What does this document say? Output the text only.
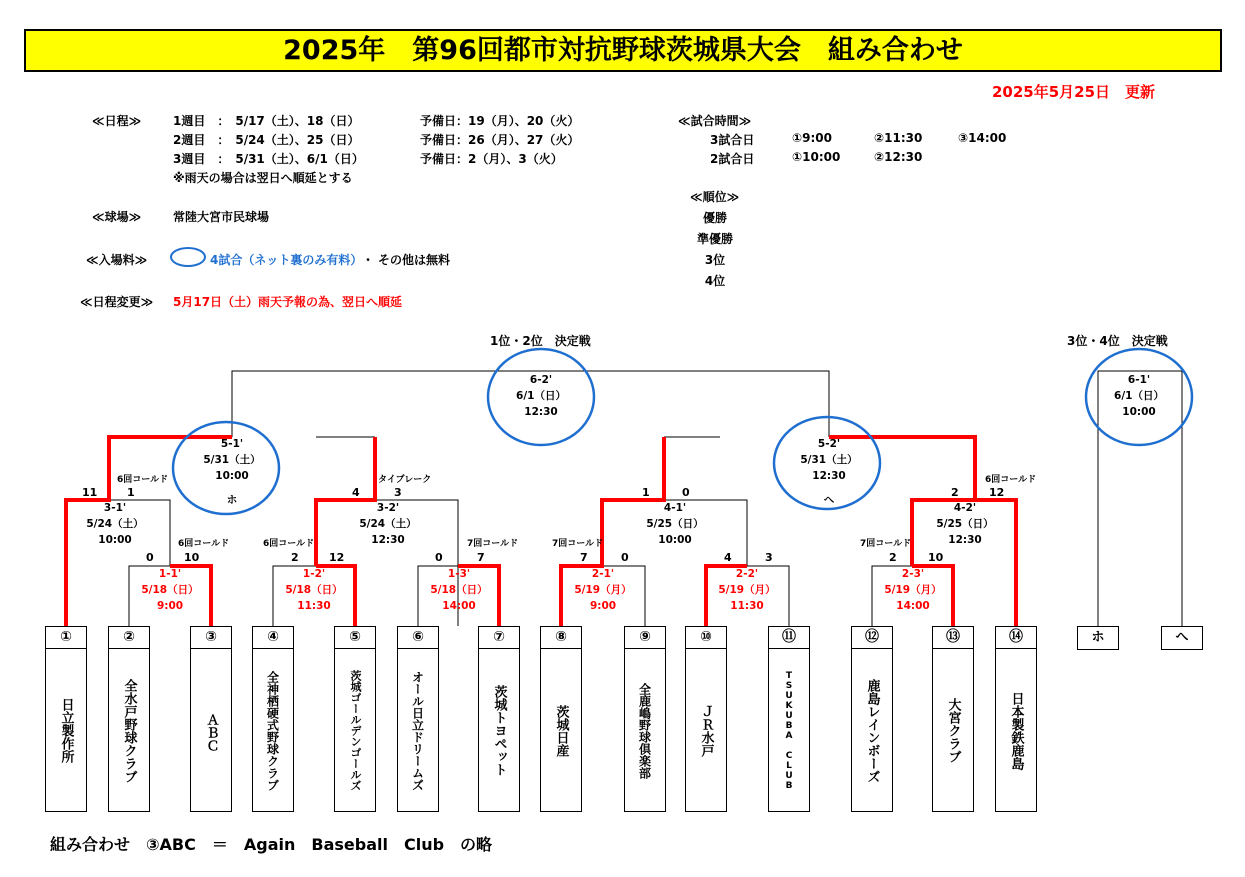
2025年　第96回都市対抗野球茨城県大会　組み合わせ
2025年5月25日　更新
≪日程≫	1週目　：　5/17（土）、18（日）
2週目　：　5/24（土）、25（日）
3週目　：　5/31（土）、6/1（日）
予備日：19（月）、20（火）
予備日：26（月）、27（火）
予備日：2（月）、3（火）
※雨天の場合は翌日へ順延とする
≪球場≫	常陸大宮市民球場
≪入場料≫	4試合（ネット裏のみ有料） ・ その他は無料
≪日程変更≫ 5月17日（土）雨天予報の為、翌日へ順延
≪試合時間≫
3試合日	①9:00	②11:30	③14:00
2試合日	①10:00	②12:30
≪順位≫
優勝
準優勝
3位
4位
1位・2位　決定戦	3位・4位　決定戦
6-2'
6/1（日）
12:30
6-1'
6/1（日）
10:00
5-1'
5/31（土）
10:00
ホ
5-2'
5/31（土）
12:30
へ
3-1'
5/24（土）
10:00
3-2'
5/24（土）
12:30
4-1'
5/25（日）
10:00
4-2'
5/25（日）
12:30
1-1'
5/18（日）
9:00
1-2'
5/18（日）
11:30
1-3'
5/18（日）
14:00
2-1'
5/19（月）
9:00
2-2'
5/19（月）
11:30
2-3'
5/19（月）
14:00
11	1	4	3	1	0	2	12
0	10	2	12	0	7	7	0	4	3	2	10
6回コールド	タイブレーク	6回コールド
6回コールド	6回コールド	7回コールド	7回コールド	7回コールド
①
日立製作所
②
全水戸野球クラブ
③
ＡＢＣ
④
全神栖硬式野球クラブ
⑤
茨城ゴールデンゴールズ
⑥
オール日立ドリームズ
⑦
茨城トヨペット
⑧
茨城日産
⑨
全鹿嶋野球倶楽部
⑩
ＪＲ水戸
⑪
TSUKUBA CLUB
⑫
鹿島レインボーズ
⑬
大宮クラブ
⑭
日本製鉄鹿島
ホ	へ
組み合わせ　③ABC　＝　Again　Baseball　Club　の略
